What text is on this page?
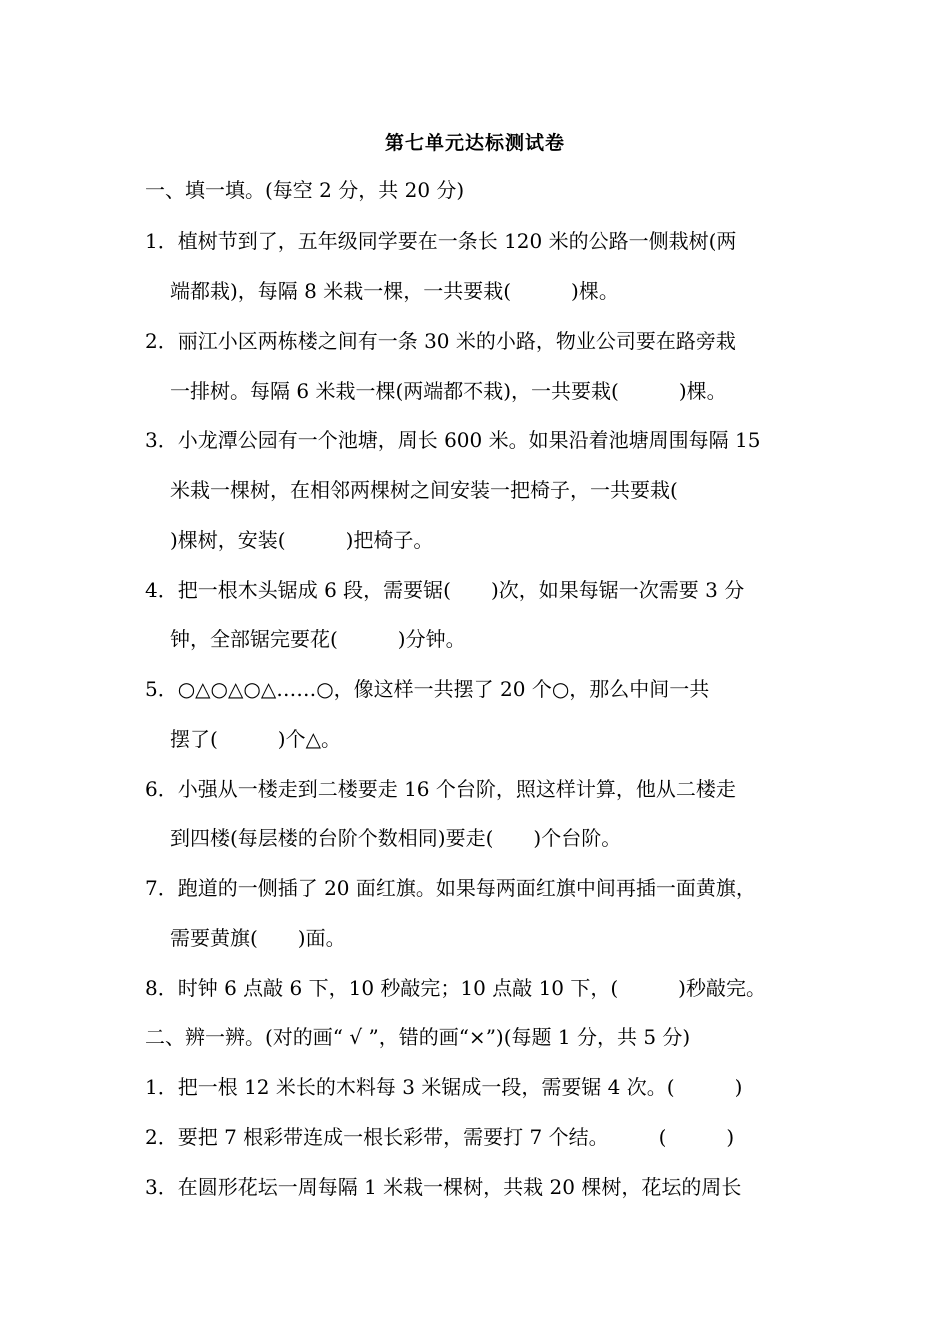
第七单元达标测试卷
一、填一填。(每空 2 分，共 20 分)
1．植树节到了，五年级同学要在一条长 120 米的公路一侧栽树(两
端都栽)，每隔 8 米栽一棵，一共要栽(　　　)棵。
2．丽江小区两栋楼之间有一条 30 米的小路，物业公司要在路旁栽
一排树。每隔 6 米栽一棵(两端都不栽)，一共要栽(　　　)棵。
3．小龙潭公园有一个池塘，周长 600 米。如果沿着池塘周围每隔 15
米栽一棵树，在相邻两棵树之间安装一把椅子，一共要栽(
)棵树，安装(　　　)把椅子。
4．把一根木头锯成 6 段，需要锯(　　)次，如果每锯一次需要 3 分
钟，全部锯完要花(　　　)分钟。
5．○△○△○△……○，像这样一共摆了 20 个○，那么中间一共
摆了(　　　)个△。
6．小强从一楼走到二楼要走 16 个台阶，照这样计算，他从二楼走
到四楼(每层楼的台阶个数相同)要走(　　)个台阶。
7．跑道的一侧插了 20 面红旗。如果每两面红旗中间再插一面黄旗，
需要黄旗(　　)面。
8．时钟 6 点敲 6 下，10 秒敲完；10 点敲 10 下，(　　　)秒敲完。
二、辨一辨。(对的画“ √ ”，错的画“×”)(每题 1 分，共 5 分)
1．把一根 12 米长的木料每 3 米锯成一段，需要锯 4 次。(　　　)
2．要把 7 根彩带连成一根长彩带，需要打 7 个结。　　　(　　　)
3．在圆形花坛一周每隔 1 米栽一棵树，共栽 20 棵树，花坛的周长
